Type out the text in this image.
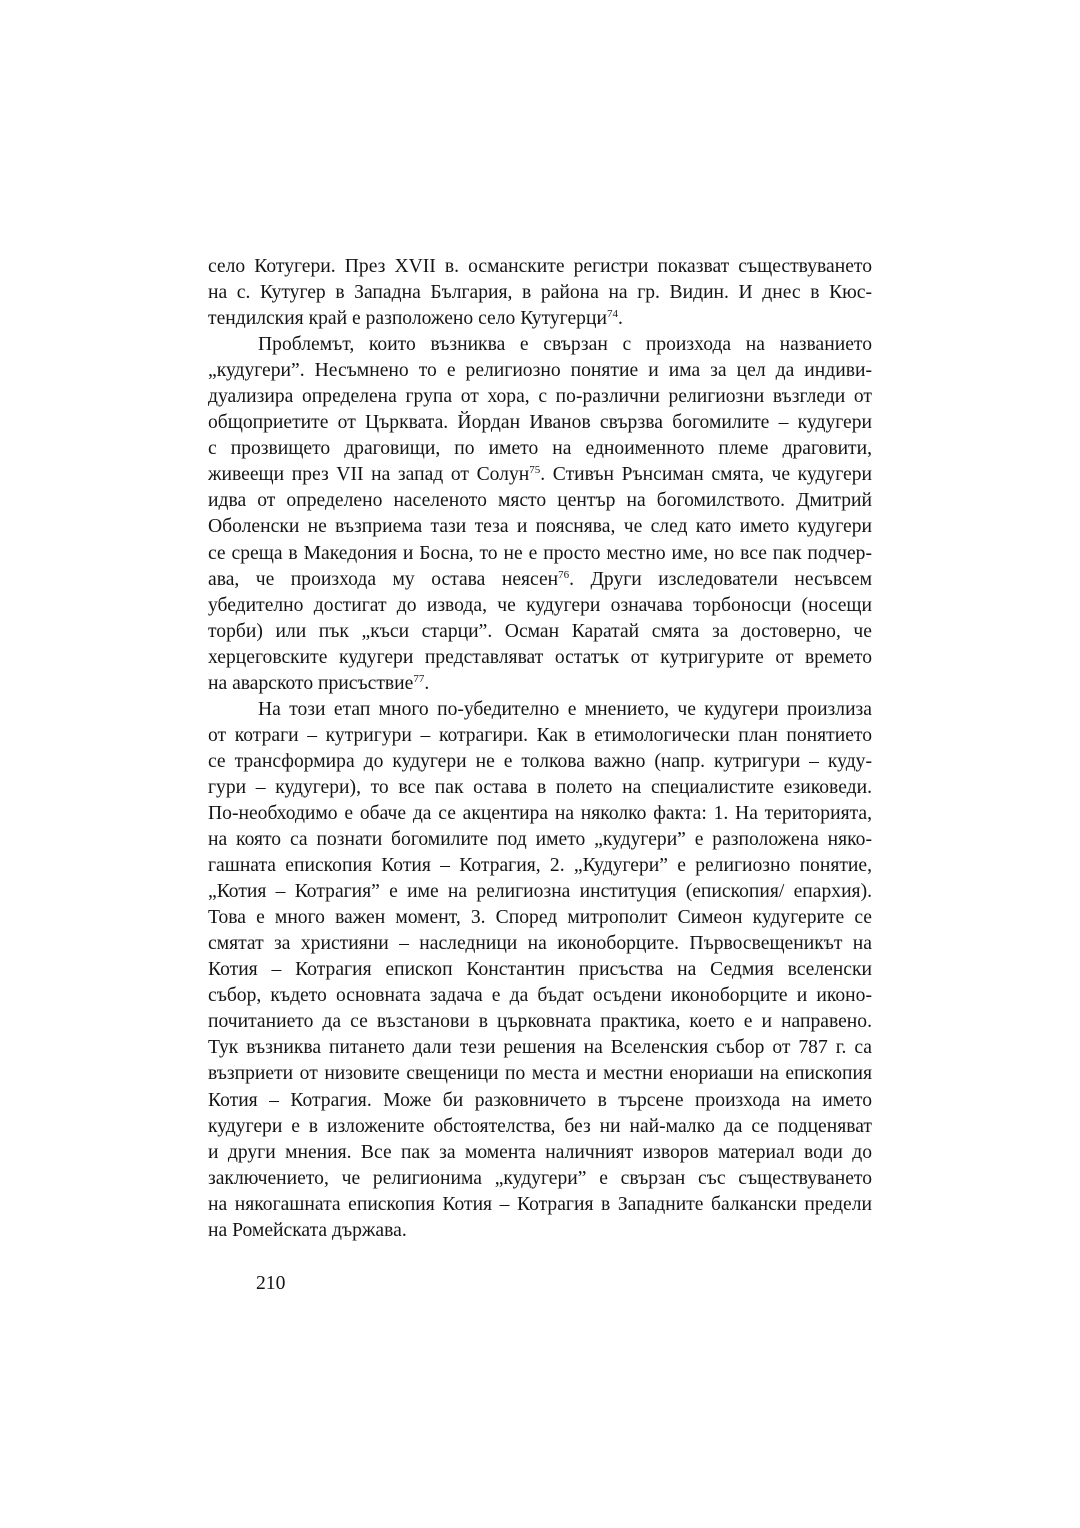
село Котугери. През XVII в. османските регистри показват съществуването
на с. Кутугер в Западна България, в района на гр. Видин. И днес в Кюс-
тендилския край е разположено село Кутугерци$^{74}$.

Проблемът, които възниква е свързан с произхода на названието
„кудугери”. Несъмнено то е религиозно понятие и има за цел да индиви-
дуализира определена група от хора, с по-различни религиозни възгледи от
общоприетите от Църквата. Йордан Иванов свързва богомилите – кудугери
с прозвището драговищи, по името на едноименното племе драговити,
живеещи през VII на запад от Солун$^{75}$. Стивън Рънсиман смята, че кудугери
идва от определено населеното място център на богомилството. Дмитрий
Оболенски не възприема тази теза и пояснява, че след като името кудугери
се среща в Македония и Босна, то не е просто местно име, но все пак подчер-
ава, че произхода му остава неясен$^{76}$. Други изследователи несъвсем
убедително достигат до извода, че кудугери означава торбоносци (носещи
торби) или пък „къси старци”. Осман Каратай смята за достоверно, че
херцеговските кудугери представляват остатък от кутригурите от времето
на аварското присъствие$^{77}$.

На този етап много по-убедително е мнението, че кудугери произлиза
от котраги – кутригури – котрагири. Как в етимологически план понятието
се трансформира до кудугери не е толкова важно (напр. кутригури – куду-
гури – кудугери), то все пак остава в полето на специалистите езиковеди.
По-необходимо е обаче да се акцентира на няколко факта: 1. На територията,
на която са познати богомилите под името „кудугери” е разположена няко-
гашната епископия Котия – Котрагия, 2. „Кудугери” е религиозно понятие,
„Котия – Котрагия” е име на религиозна институция (епископия/ епархия).
Това е много важен момент, 3. Според митрополит Симеон кудугерите се
смятат за християни – наследници на иконоборците. Първосвещеникът на
Котия – Котрагия епископ Константин присъства на Седмия вселенски
събор, където основната задача е да бъдат осъдени иконоборците и иконо-
почитанието да се възстанови в църковната практика, което е и направено.
Тук възниква питането дали тези решения на Вселенския събор от 787 г. са
възприети от низовите свещеници по места и местни енориаши на епископия
Котия – Котрагия. Може би разковничето в търсене произхода на името
кудугери е в изложените обстоятелства, без ни най-малко да се подценяват
и други мнения. Все пак за момента наличният изворов материал води до
заключението, че религионима „кудугери” е свързан със съществуването
на някогашната епископия Котия – Котрагия в Западните балкански предели
на Ромейската държава.

210
